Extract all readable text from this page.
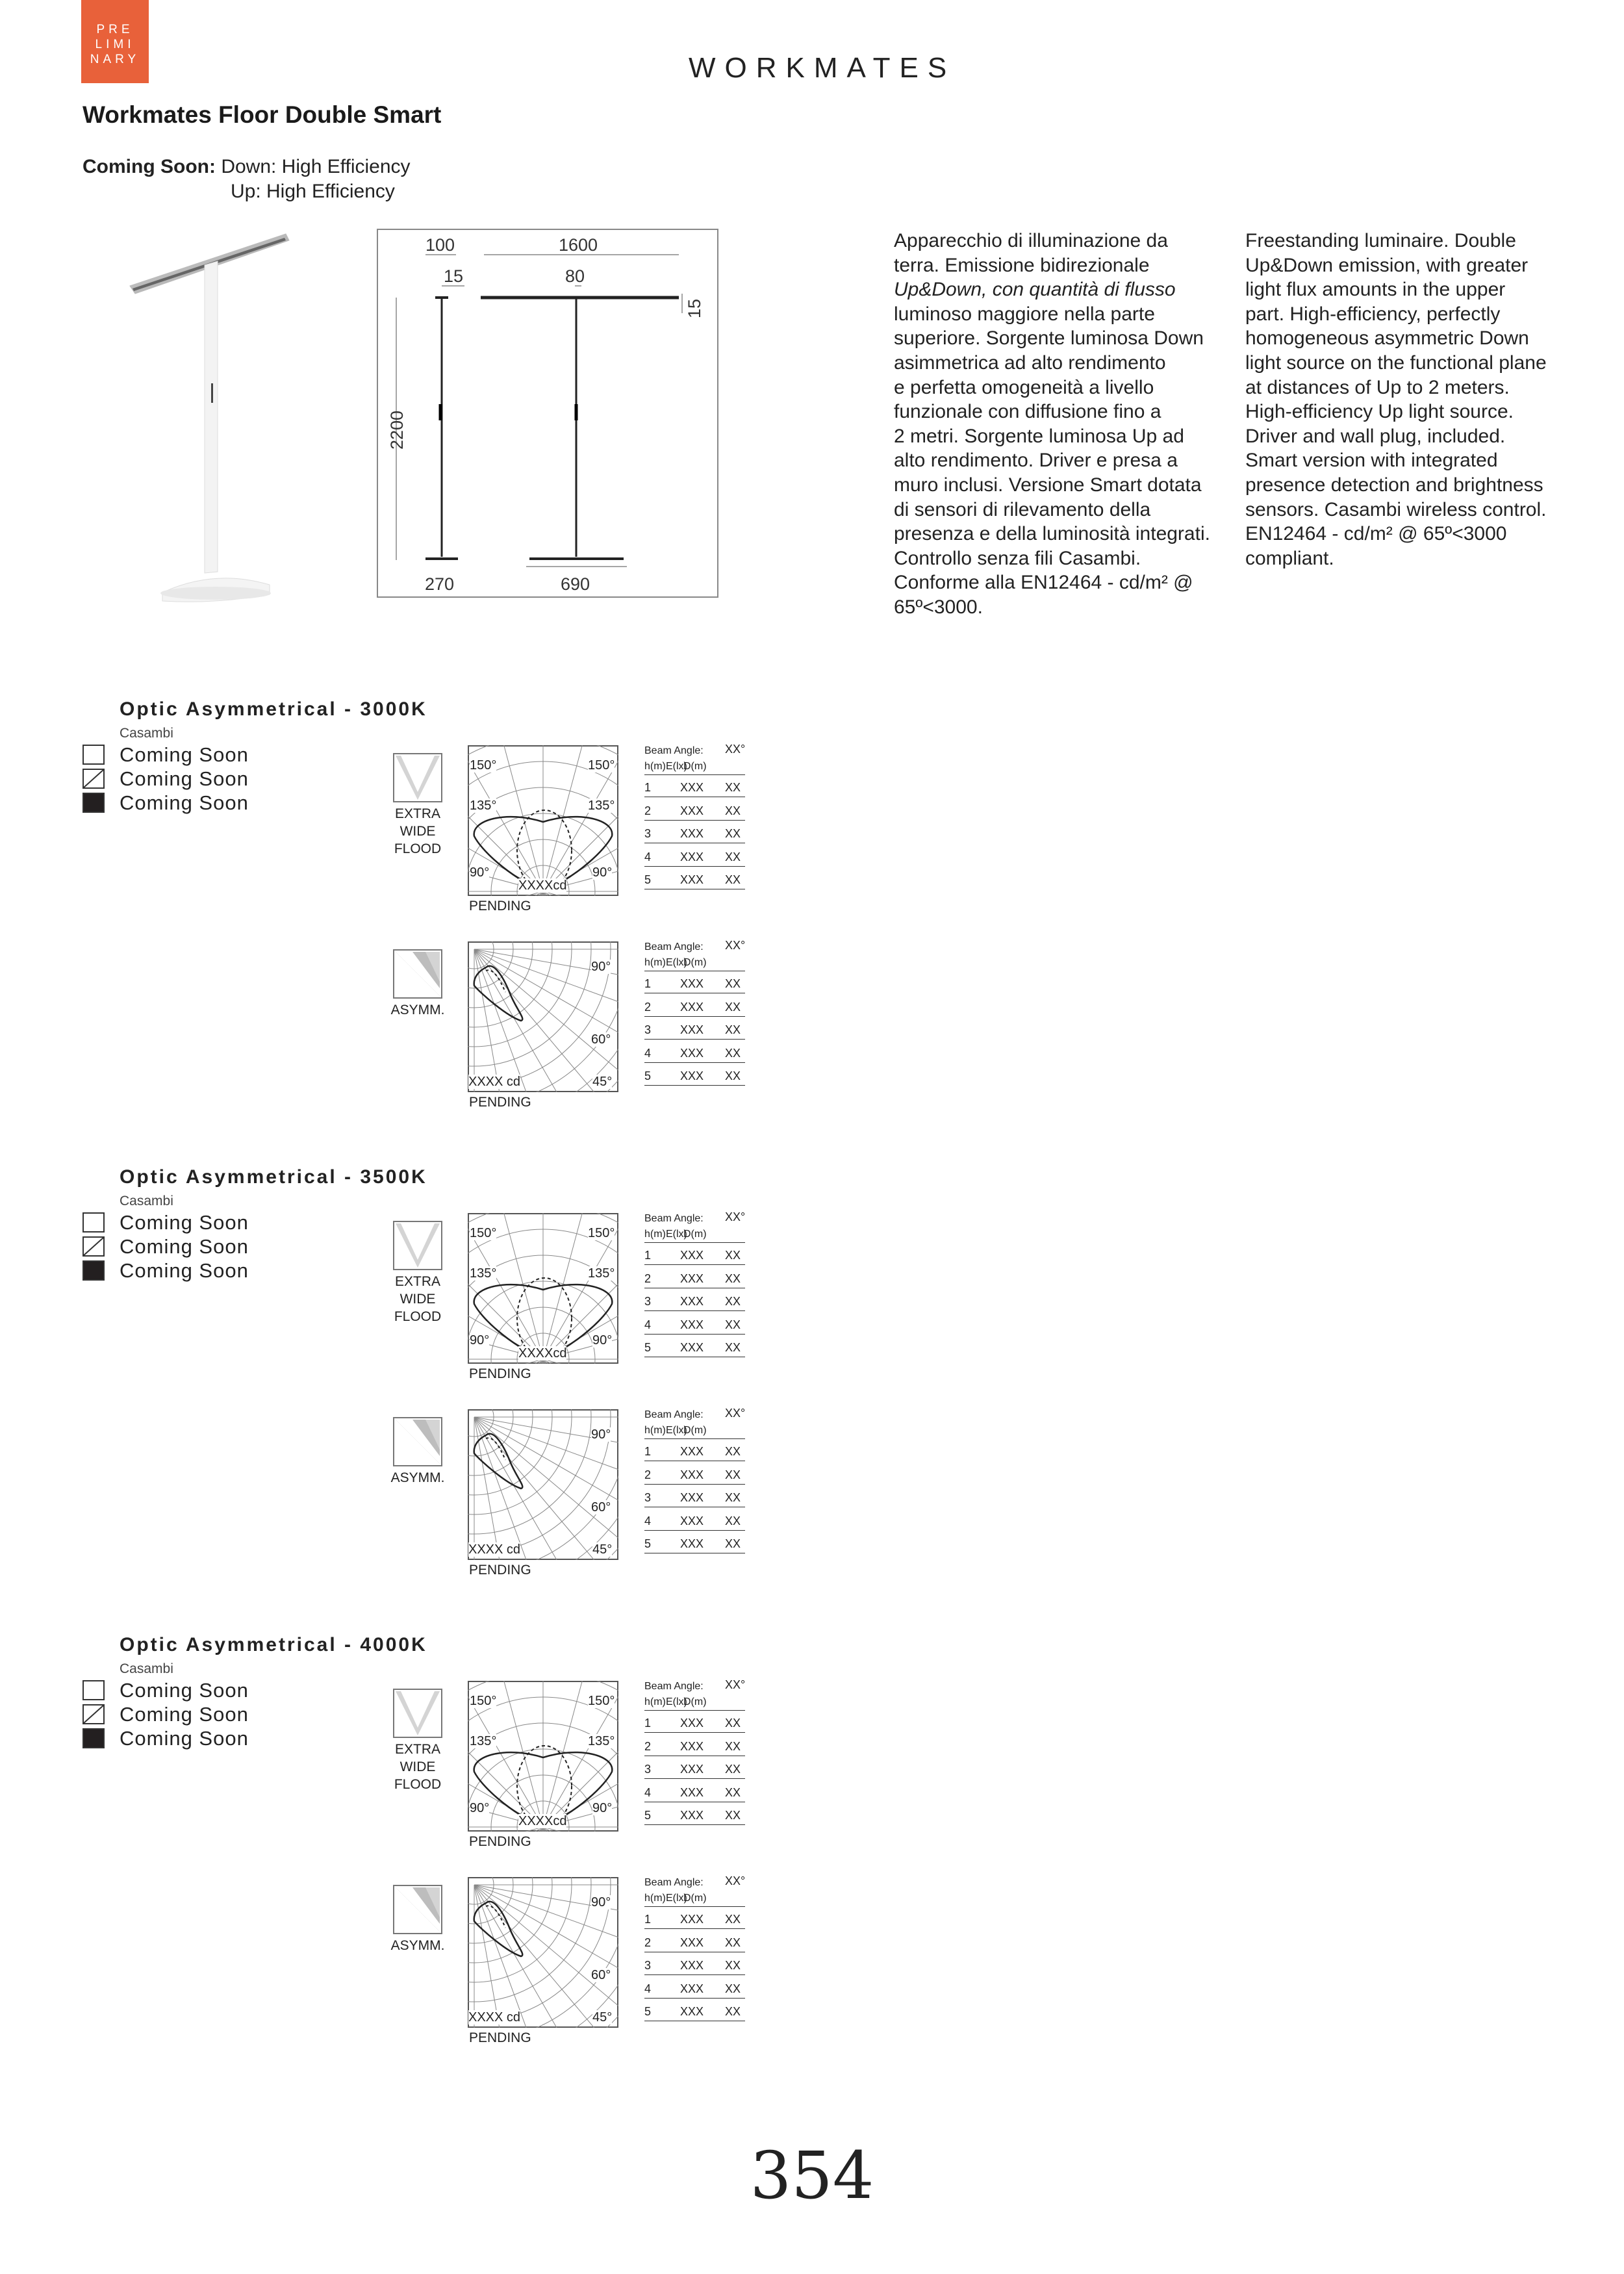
PRE
LIMI
NARY	WORKMATES
Workmates Floor Double Smart
Coming Soon: Down: High Efficiency
Up: High Efficiency
100	1600
15	80
15
2200
270	690
Apparecchio di illuminazione da
terra. Emissione bidirezionale
Up&Down, con quantità di flusso
luminoso maggiore nella parte
superiore. Sorgente luminosa Down
asimmetrica ad alto rendimento
e perfetta omogeneità a livello
funzionale con diffusione fino a
2 metri. Sorgente luminosa Up ad
alto rendimento. Driver e presa a
muro inclusi. Versione Smart dotata
di sensori di rilevamento della
presenza e della luminosità integrati.
Controllo senza fili Casambi.
Conforme alla EN12464 - cd/m² @
65º<3000.
Freestanding luminaire. Double
Up&Down emission, with greater
light flux amounts in the upper
part. High-efficiency, perfectly
homogeneous asymmetric Down
light source on the functional plane
at distances of Up to 2 meters.
High-efficiency Up light source.
Driver and wall plug, included.
Smart version with integrated
presence detection and brightness
sensors. Casambi wireless control.
EN12464 - cd/m² @ 65º<3000
compliant.
Optic Asymmetrical - 3000K
Casambi
Coming Soon
Coming Soon
Coming Soon	EXTRA
WIDE
FLOOD
150°	150°
135°	135°
90°	90°
XXXXcd
PENDING
Beam Angle: XX°
h(m) E(lx)
D(m)
1 XXX XX
2 XXX XX
3 XXX XX
4 XXX XX
5 XXX XX
ASYMM.
90°
60°
45°
XXXX cd
PENDING
Beam Angle: XX°
h(m) E(lx)
D(m)
1 XXX XX
2 XXX XX
3 XXX XX
4 XXX XX
5 XXX XX
Optic Asymmetrical - 3500K
Casambi
Coming Soon
Coming Soon
Coming Soon	EXTRA
WIDE
FLOOD
150°	150°
135°	135°
90°	90°
XXXXcd
PENDING
Beam Angle: XX°
h(m) E(lx)
D(m)
1 XXX XX
2 XXX XX
3 XXX XX
4 XXX XX
5 XXX XX
ASYMM.
90°
60°
45°
XXXX cd
PENDING
Beam Angle: XX°
h(m) E(lx)
D(m)
1 XXX XX
2 XXX XX
3 XXX XX
4 XXX XX
5 XXX XX
Optic Asymmetrical - 4000K
Casambi
Coming Soon
Coming Soon
Coming Soon	EXTRA
WIDE
FLOOD
150°	150°
135°	135°
90°	90°
XXXXcd
PENDING
Beam Angle: XX°
h(m) E(lx)
D(m)
1 XXX XX
2 XXX XX
3 XXX XX
4 XXX XX
5 XXX XX
ASYMM.
90°
60°
45°
XXXX cd
PENDING
Beam Angle: XX°
h(m) E(lx)
D(m)
1 XXX XX
2 XXX XX
3 XXX XX
4 XXX XX
5 XXX XX
354
